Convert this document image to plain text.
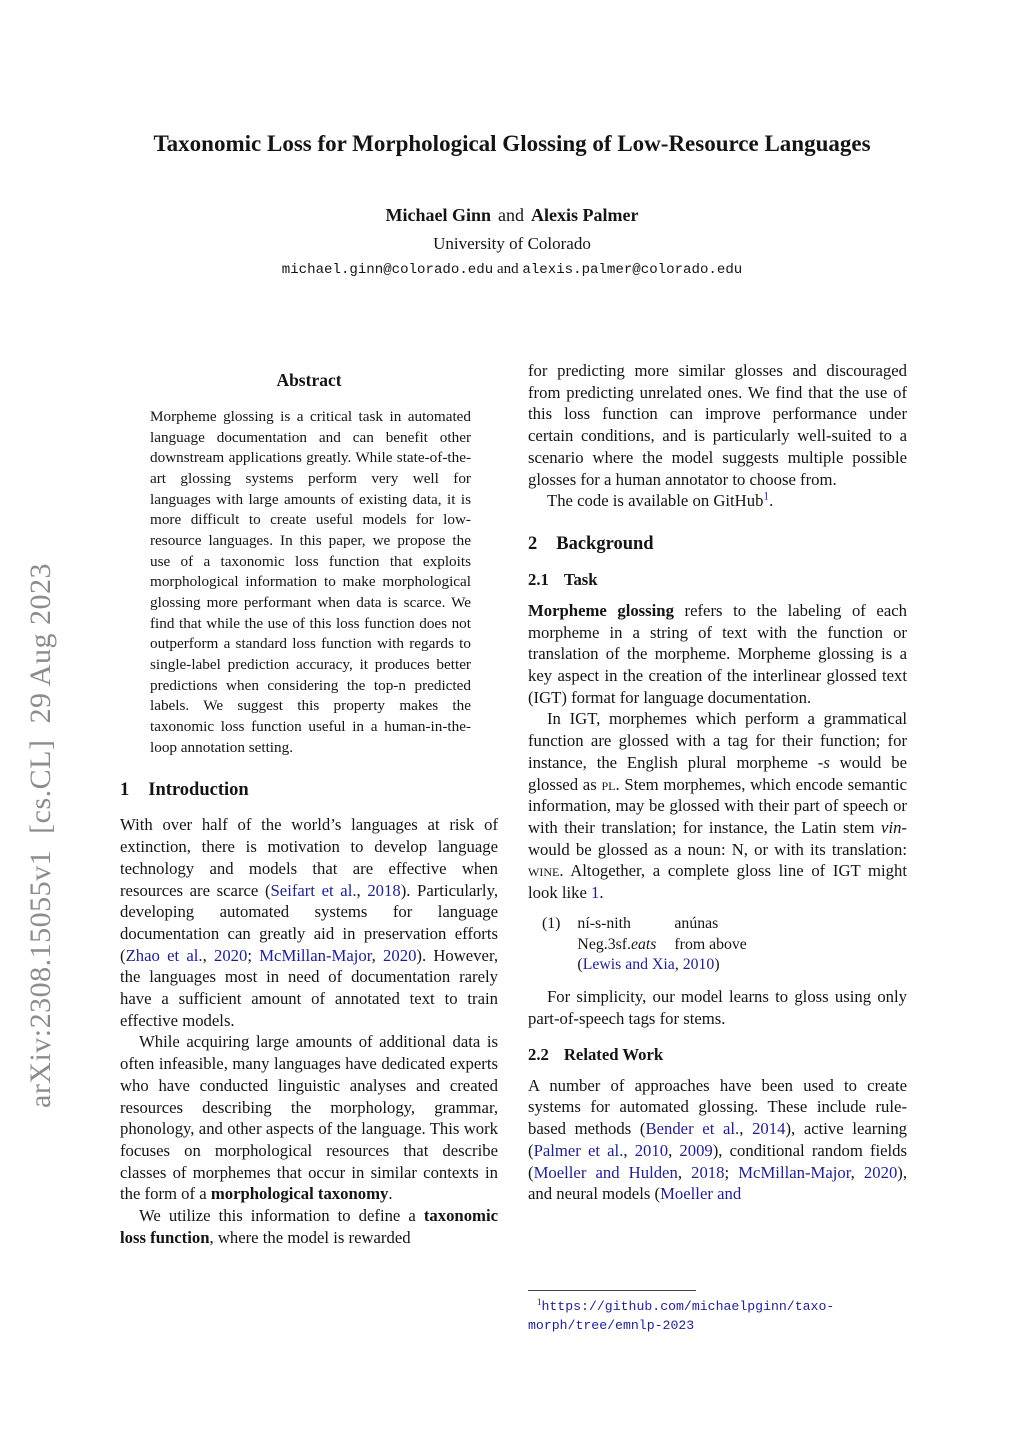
arXiv:2308.15055v1  [cs.CL]  29 Aug 2023
Taxonomic Loss for Morphological Glossing of Low-Resource Languages
Michael Ginn and Alexis Palmer
University of Colorado
michael.ginn@colorado.edu and alexis.palmer@colorado.edu
Abstract

Morpheme glossing is a critical task in automated language documentation and can benefit other downstream applications greatly. While state-of-the-art glossing systems perform very well for languages with large amounts of existing data, it is more difficult to create useful models for low-resource languages. In this paper, we propose the use of a taxonomic loss function that exploits morphological information to make morphological glossing more performant when data is scarce. We find that while the use of this loss function does not outperform a standard loss function with regards to single-label prediction accuracy, it produces better predictions when considering the top-n predicted labels. We suggest this property makes the taxonomic loss function useful in a human-in-the-loop annotation setting.

1 Introduction

With over half of the world’s languages at risk of extinction, there is motivation to develop language technology and models that are effective when resources are scarce (Seifart et al., 2018). Particularly, developing automated systems for language documentation can greatly aid in preservation efforts (Zhao et al., 2020; McMillan-Major, 2020). However, the languages most in need of documentation rarely have a sufficient amount of annotated text to train effective models.

While acquiring large amounts of additional data is often infeasible, many languages have dedicated experts who have conducted linguistic analyses and created resources describing the morphology, grammar, phonology, and other aspects of the language. This work focuses on morphological resources that describe classes of morphemes that occur in similar contexts in the form of a morphological taxonomy.

We utilize this information to define a taxonomic loss function, where the model is rewarded

for predicting more similar glosses and discouraged from predicting unrelated ones. We find that the use of this loss function can improve performance under certain conditions, and is particularly well-suited to a scenario where the model suggests multiple possible glosses for a human annotator to choose from.

The code is available on GitHub$^1$.

2 Background
2.1 Task

Morpheme glossing refers to the labeling of each morpheme in a string of text with the function or translation of the morpheme. Morpheme glossing is a key aspect in the creation of the interlinear glossed text (IGT) format for language documentation.

In IGT, morphemes which perform a grammatical function are glossed with a tag for their function; for instance, the English plural morpheme -s would be glossed as pl. Stem morphemes, which encode semantic information, may be glossed with their part of speech or with their translation; for instance, the Latin stem vin- would be glossed as a noun: N, or with its translation: wine. Altogether, a complete gloss line of IGT might look like 1.

(1) ní-s-nith	anúnas
Neg.3sf.eats from above
(Lewis and Xia, 2010)

For simplicity, our model learns to gloss using only part-of-speech tags for stems.

2.2 Related Work

A number of approaches have been used to create systems for automated glossing. These include rule-based methods (Bender et al., 2014), active learning (Palmer et al., 2010, 2009), conditional random fields (Moeller and Hulden, 2018; McMillan-Major, 2020), and neural models (Moeller and

$^1$https://github.com/michaelpginn/taxo-morph/tree/emnlp-2023
